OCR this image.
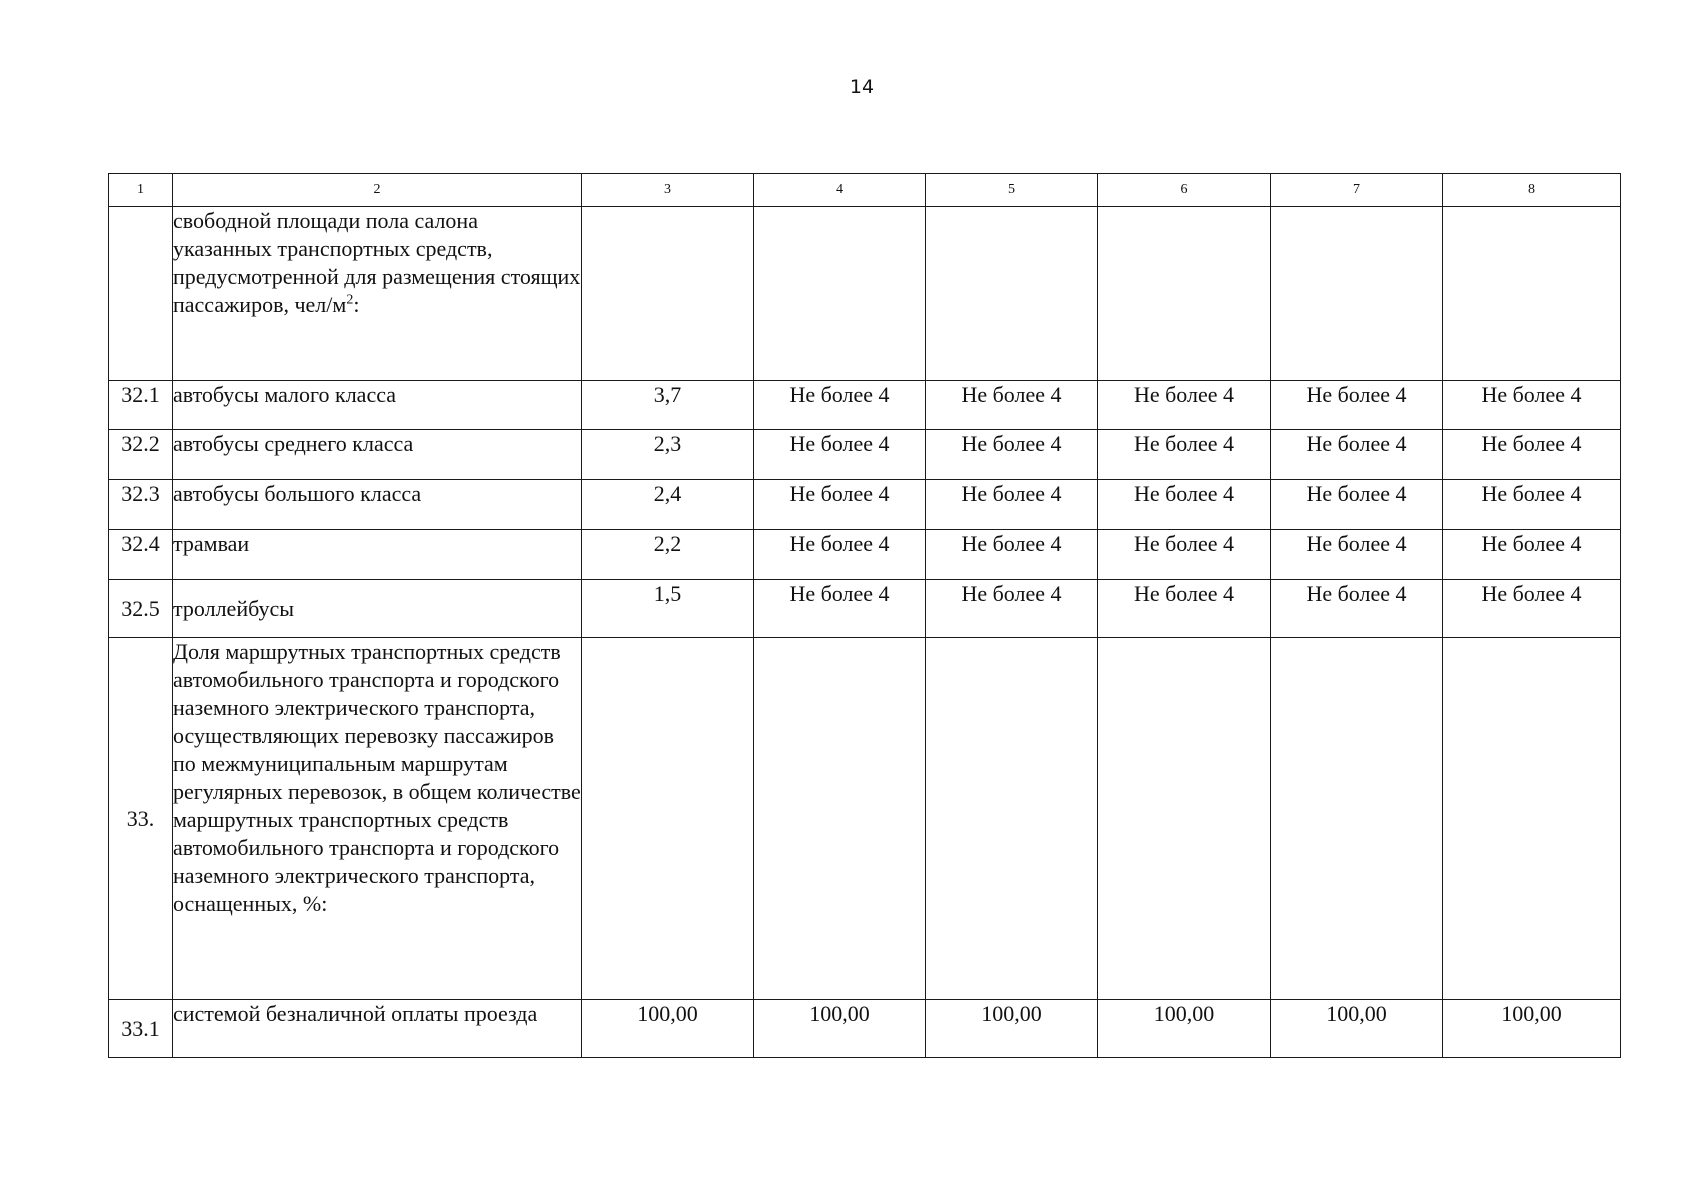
14
1	2	3	4	5	6	7	8
	свободной площади пола салона указанных транспортных средств, предусмотренной для размещения стоящих пассажиров, чел/$м^2$:						
32.1	автобусы малого класса	3,7	Не более 4	Не более 4	Не более 4	Не более 4	Не более 4
32.2	автобусы среднего класса	2,3	Не более 4	Не более 4	Не более 4	Не более 4	Не более 4
32.3	автобусы большого класса	2,4	Не более 4	Не более 4	Не более 4	Не более 4	Не более 4
32.4	трамваи	2,2	Не более 4	Не более 4	Не более 4	Не более 4	Не более 4
32.5	троллейбусы	1,5	Не более 4	Не более 4	Не более 4	Не более 4	Не более 4
33.	Доля маршрутных транспортных средств автомобильного транспорта и городского наземного электрического транспорта, осуществляющих перевозку пассажиров по межмуниципальным маршрутам регулярных перевозок, в общем количестве маршрутных транспортных средств автомобильного транспорта и городского наземного электрического транспорта, оснащенных, %:						
33.1	системой безналичной оплаты проезда	100,00	100,00	100,00	100,00	100,00	100,00
